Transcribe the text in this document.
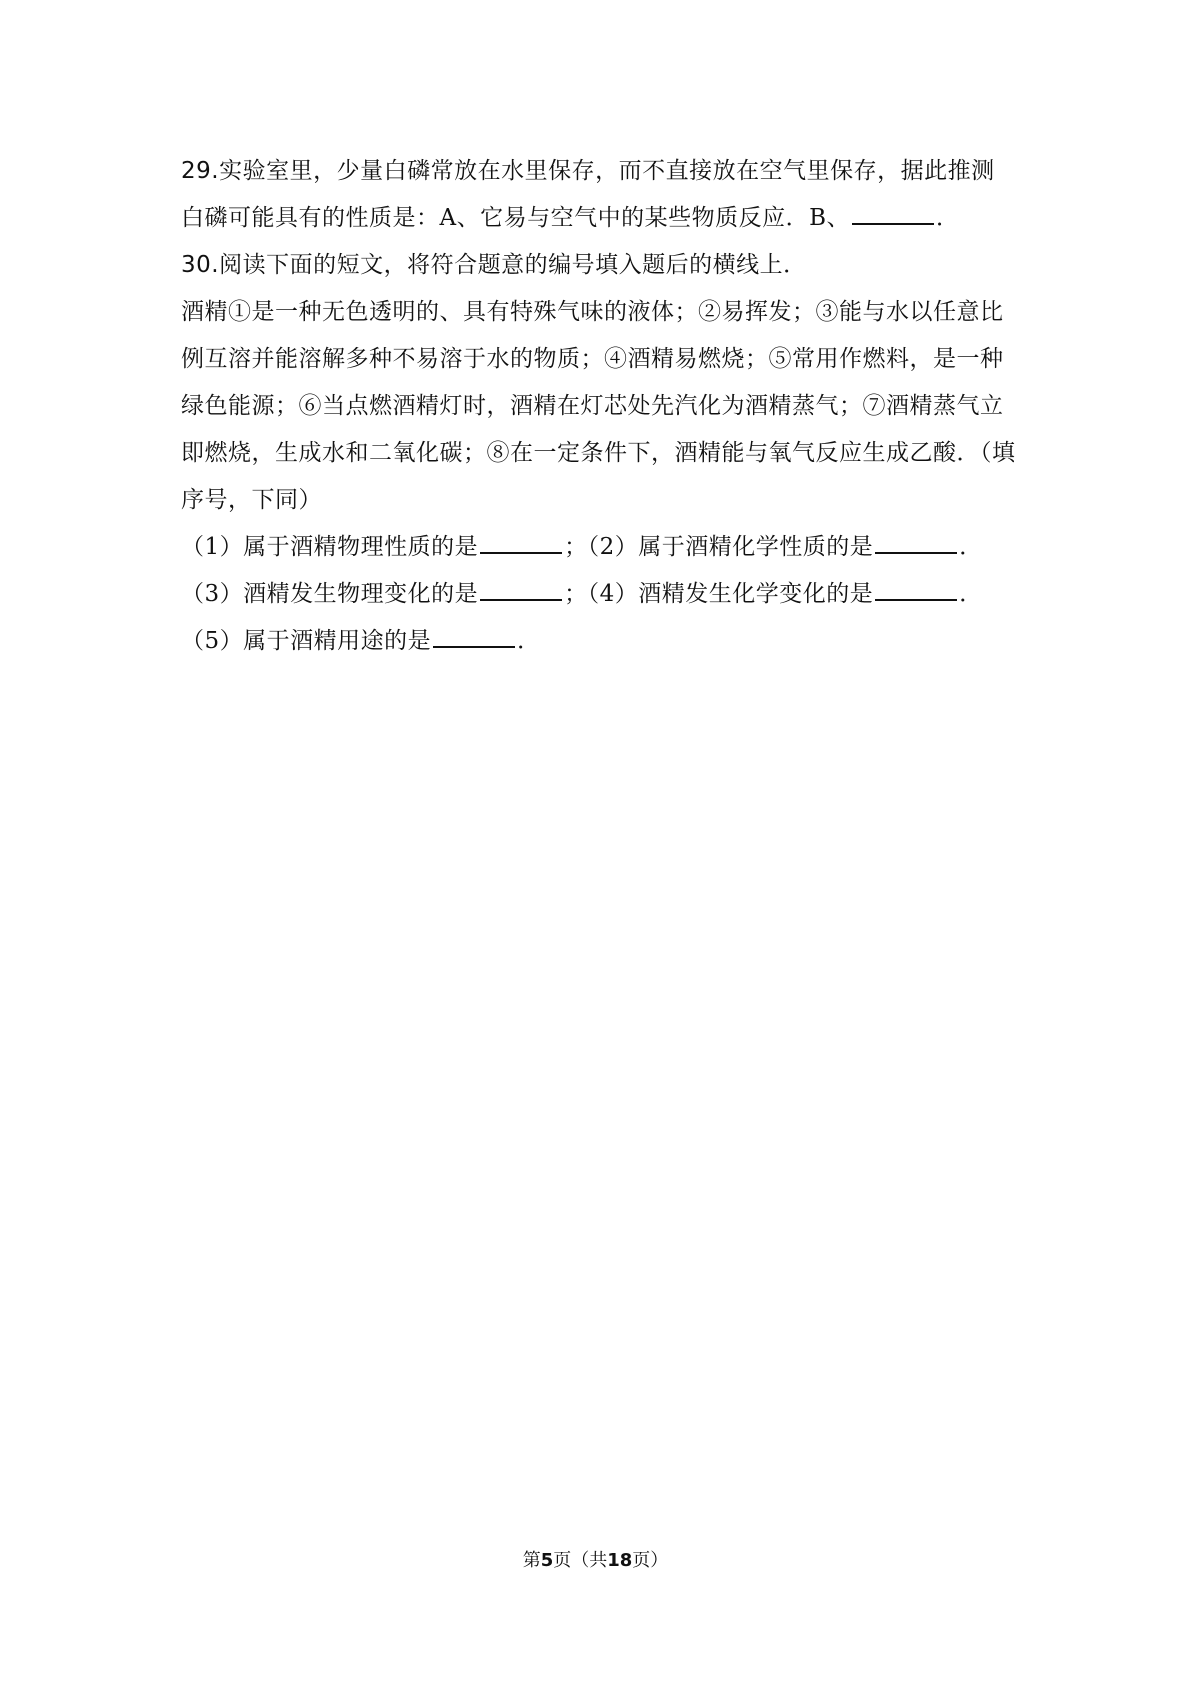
29.实验室里，少量白磷常放在水里保存，而不直接放在空气里保存，据此推测
白磷可能具有的性质是：A、它易与空气中的某些物质反应．B、	．
30.阅读下面的短文，将符合题意的编号填入题后的横线上．
酒精①是一种无色透明的、具有特殊气味的液体；②易挥发；③能与水以任意比
例互溶并能溶解多种不易溶于水的物质；④酒精易燃烧；⑤常用作燃料，是一种
绿色能源；⑥当点燃酒精灯时，酒精在灯芯处先汽化为酒精蒸气；⑦酒精蒸气立
即燃烧，生成水和二氧化碳；⑧在一定条件下，酒精能与氧气反应生成乙酸．（填
序号，下同）
（1）属于酒精物理性质的是	；（2）属于酒精化学性质的是	．
（3）酒精发生物理变化的是	；（4）酒精发生化学变化的是	．
（5）属于酒精用途的是	．
第5页（共18页）
